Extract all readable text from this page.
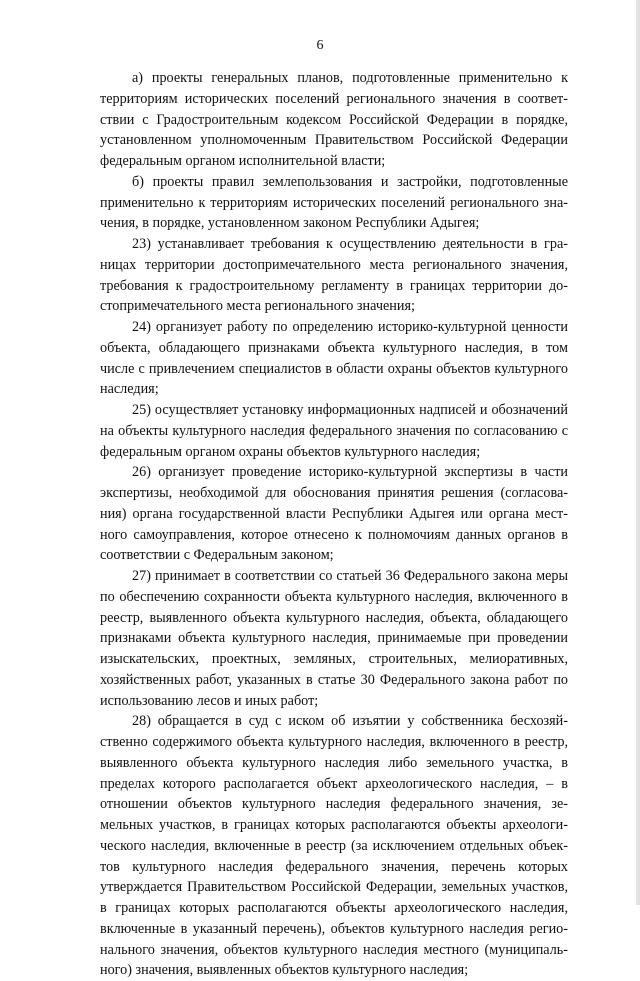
6

а) проекты генеральных планов, подготовленные применительно к территориям исторических поселений регионального значения в соответствии с Градостроительным кодексом Российской Федерации в порядке, установленном уполномоченным Правительством Российской Федерации федеральным органом исполнительной власти;

б) проекты правил землепользования и застройки, подготовленные применительно к территориям исторических поселений регионального значения, в порядке, установленном законом Республики Адыгея;

23) устанавливает требования к осуществлению деятельности в границах территории достопримечательного места регионального значения, требования к градостроительному регламенту в границах территории достопримечательного места регионального значения;

24) организует работу по определению историко-культурной ценности объекта, обладающего признаками объекта культурного наследия, в том числе с привлечением специалистов в области охраны объектов культурного наследия;

25) осуществляет установку информационных надписей и обозначений на объекты культурного наследия федерального значения по согласованию с федеральным органом охраны объектов культурного наследия;

26) организует проведение историко-культурной экспертизы в части экспертизы, необходимой для обоснования принятия решения (согласования) органа государственной власти Республики Адыгея или органа местного самоуправления, которое отнесено к полномочиям данных органов в соответствии с Федеральным законом;

27) принимает в соответствии со статьей 36 Федерального закона меры по обеспечению сохранности объекта культурного наследия, включенного в реестр, выявленного объекта культурного наследия, объекта, обладающего признаками объекта культурного наследия, принимаемые при проведении изыскательских, проектных, земляных, строительных, мелиоративных, хозяйственных работ, указанных в статье 30 Федерального закона работ по использованию лесов и иных работ;

28) обращается в суд с иском об изъятии у собственника бесхозяйственно содержимого объекта культурного наследия, включенного в реестр, выявленного объекта культурного наследия либо земельного участка, в пределах которого располагается объект археологического наследия, – в отношении объектов культурного наследия федерального значения, земельных участков, в границах которых располагаются объекты археологического наследия, включенные в реестр (за исключением отдельных объектов культурного наследия федерального значения, перечень которых утверждается Правительством Российской Федерации, земельных участков, в границах которых располагаются объекты археологического наследия, включенные в указанный перечень), объектов культурного наследия регионального значения, объектов культурного наследия местного (муниципального) значения, выявленных объектов культурного наследия;
